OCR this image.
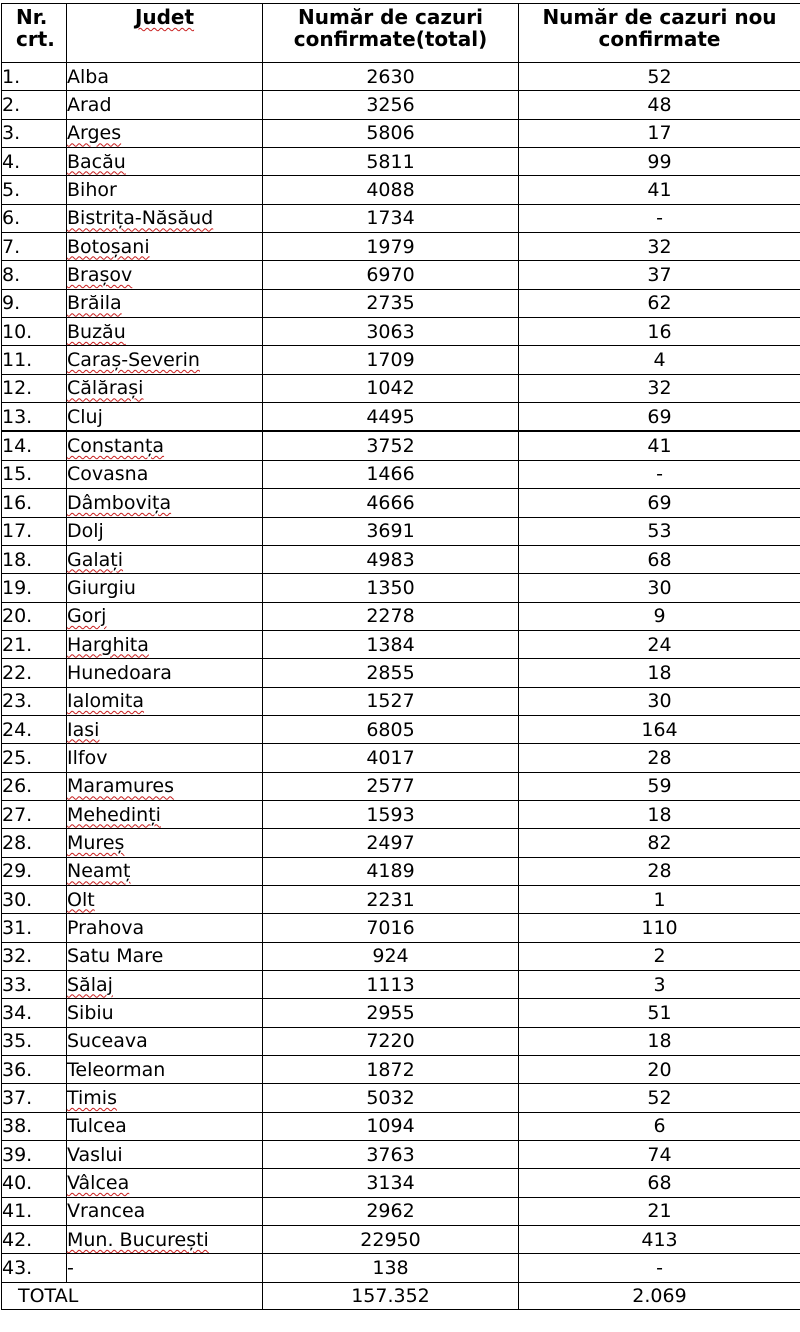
Nr. crt.	Judet	Număr de cazuri confirmate(total)	Număr de cazuri nou confirmate
1.	Alba	2630	52
2.	Arad	3256	48
3.	Arges	5806	17
4.	Bacău	5811	99
5.	Bihor	4088	41
6.	Bistrița-Năsăud	1734	-
7.	Botoșani	1979	32
8.	Brașov	6970	37
9.	Brăila	2735	62
10.	Buzău	3063	16
11.	Caraș-Severin	1709	4
12.	Călărași	1042	32
13.	Cluj	4495	69
14.	Constanța	3752	41
15.	Covasna	1466	-
16.	Dâmbovița	4666	69
17.	Dolj	3691	53
18.	Galați	4983	68
19.	Giurgiu	1350	30
20.	Gorj	2278	9
21.	Harghita	1384	24
22.	Hunedoara	2855	18
23.	Ialomita	1527	30
24.	Iasi	6805	164
25.	Ilfov	4017	28
26.	Maramures	2577	59
27.	Mehedinți	1593	18
28.	Mureș	2497	82
29.	Neamț	4189	28
30.	Olt	2231	1
31.	Prahova	7016	110
32.	Satu Mare	924	2
33.	Sălaj	1113	3
34.	Sibiu	2955	51
35.	Suceava	7220	18
36.	Teleorman	1872	20
37.	Timis	5032	52
38.	Tulcea	1094	6
39.	Vaslui	3763	74
40.	Vâlcea	3134	68
41.	Vrancea	2962	21
42.	Mun. București	22950	413
43.	-	138	-
TOTAL		157.352	2.069
